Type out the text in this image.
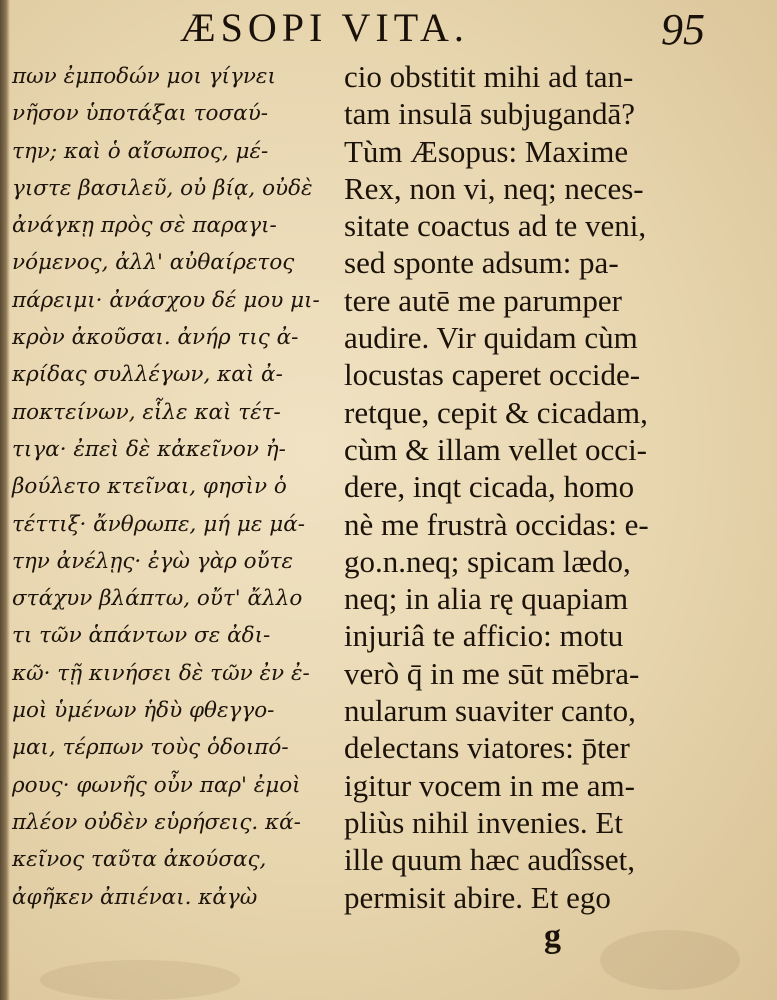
ÆSOPI VITA.	95
πων ἐμποδών μοι γίγνει
νῆσον ὑποτάξαι τοσαύ-
την; καὶ ὁ αἴσωπος, μέ-
γιστε βασιλεῦ, οὐ βίᾳ, οὐδὲ
ἀνάγκῃ πρὸς σὲ παραγι-
νόμενος, ἀλλ' αὐθαίρετος
πάρειμι· ἀνάσχου δέ μου μι-
κρὸν ἀκοῦσαι. ἀνήρ τις ἀ-
κρίδας συλλέγων, καὶ ἀ-
ποκτείνων, εἷλε καὶ τέτ-
τιγα· ἐπεὶ δὲ κἀκεῖνον ἠ-
βούλετο κτεῖναι, φησὶν ὁ
τέττιξ· ἄνθρωπε, μή με μά-
την ἀνέλῃς· ἐγὼ γὰρ οὔτε
στάχυν βλάπτω, οὔτ' ἄλλο
τι τῶν ἁπάντων σε ἀδι-
κῶ· τῇ κινήσει δὲ τῶν ἐν ἐ-
μοὶ ὑμένων ἡδὺ φθεγγο-
μαι, τέρπων τοὺς ὁδοιπό-
ρους· φωνῆς οὖν παρ' ἐμοὶ
πλέον οὐδὲν εὑρήσεις. κά-
κεῖνος ταῦτα ἀκούσας,
ἀφῆκεν ἀπιέναι. κἀγὼ
cio obstitit mihi ad tan-
tam insulā subjugandā?
Tùm Æsopus: Maxime
Rex, non vi, neq; neces-
sitate coactus ad te veni,
sed sponte adsum: pa-
tere autē me parumper
audire. Vir quidam cùm
locustas caperet occide-
retque, cepit & cicadam,
cùm & illam vellet occi-
dere, inqt cicada, homo
nè me frustrà occidas: e-
go.n.neq; spicam lædo,
neq; in alia rę quapiam
injuriâ te afficio: motu
verò q̄ in me sūt mēbra-
nularum suaviter canto,
delectans viatores: p̄ter
igitur vocem in me am-
pliùs nihil invenies. Et
ille quum hæc audîsset,
permisit abire. Et ego
g
